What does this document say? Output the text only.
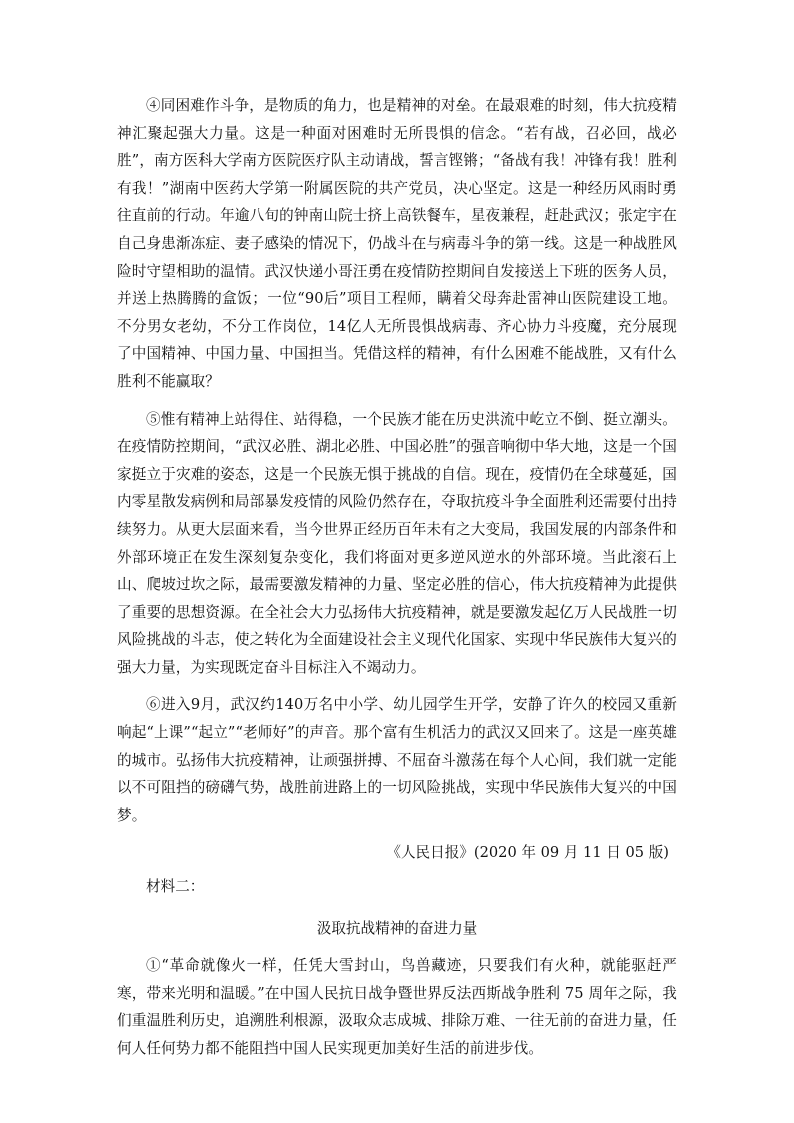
④同困难作斗争，是物质的角力，也是精神的对垒。在最艰难的时刻，伟大抗疫精神汇聚起强大力量。这是一种面对困难时无所畏惧的信念。“若有战，召必回，战必胜”，南方医科大学南方医院医疗队主动请战，誓言铿锵；“备战有我！冲锋有我！胜利有我！”湖南中医药大学第一附属医院的共产党员，决心坚定。这是一种经历风雨时勇往直前的行动。年逾八旬的钟南山院士挤上高铁餐车，星夜兼程，赶赴武汉；张定宇在自己身患渐冻症、妻子感染的情况下，仍战斗在与病毒斗争的第一线。这是一种战胜风险时守望相助的温情。武汉快递小哥汪勇在疫情防控期间自发接送上下班的医务人员，并送上热腾腾的盒饭；一位“90后”项目工程师，瞒着父母奔赴雷神山医院建设工地。不分男女老幼，不分工作岗位，14亿人无所畏惧战病毒、齐心协力斗疫魔，充分展现了中国精神、中国力量、中国担当。凭借这样的精神，有什么困难不能战胜，又有什么胜利不能赢取？

⑤惟有精神上站得住、站得稳，一个民族才能在历史洪流中屹立不倒、挺立潮头。在疫情防控期间，“武汉必胜、湖北必胜、中国必胜”的强音响彻中华大地，这是一个国家挺立于灾难的姿态，这是一个民族无惧于挑战的自信。现在，疫情仍在全球蔓延，国内零星散发病例和局部暴发疫情的风险仍然存在，夺取抗疫斗争全面胜利还需要付出持续努力。从更大层面来看，当今世界正经历百年未有之大变局，我国发展的内部条件和外部环境正在发生深刻复杂变化，我们将面对更多逆风逆水的外部环境。当此滚石上山、爬坡过坎之际，最需要激发精神的力量、坚定必胜的信心，伟大抗疫精神为此提供了重要的思想资源。在全社会大力弘扬伟大抗疫精神，就是要激发起亿万人民战胜一切风险挑战的斗志，使之转化为全面建设社会主义现代化国家、实现中华民族伟大复兴的强大力量，为实现既定奋斗目标注入不竭动力。

⑥进入9月，武汉约140万名中小学、幼儿园学生开学，安静了许久的校园又重新响起“上课”“起立”“老师好”的声音。那个富有生机活力的武汉又回来了。这是一座英雄的城市。弘扬伟大抗疫精神，让顽强拼搏、不屈奋斗激荡在每个人心间，我们就一定能以不可阻挡的磅礴气势，战胜前进路上的一切风险挑战，实现中华民族伟大复兴的中国梦。

《人民日报》(2020 年 09 月 11 日 05 版)

材料二：

汲取抗战精神的奋进力量

①“革命就像火一样，任凭大雪封山，鸟兽藏迹，只要我们有火种，就能驱赶严寒，带来光明和温暖。”在中国人民抗日战争暨世界反法西斯战争胜利 75 周年之际，我们重温胜利历史，追溯胜利根源，汲取众志成城、排除万难、一往无前的奋进力量，任何人任何势力都不能阻挡中国人民实现更加美好生活的前进步伐。
